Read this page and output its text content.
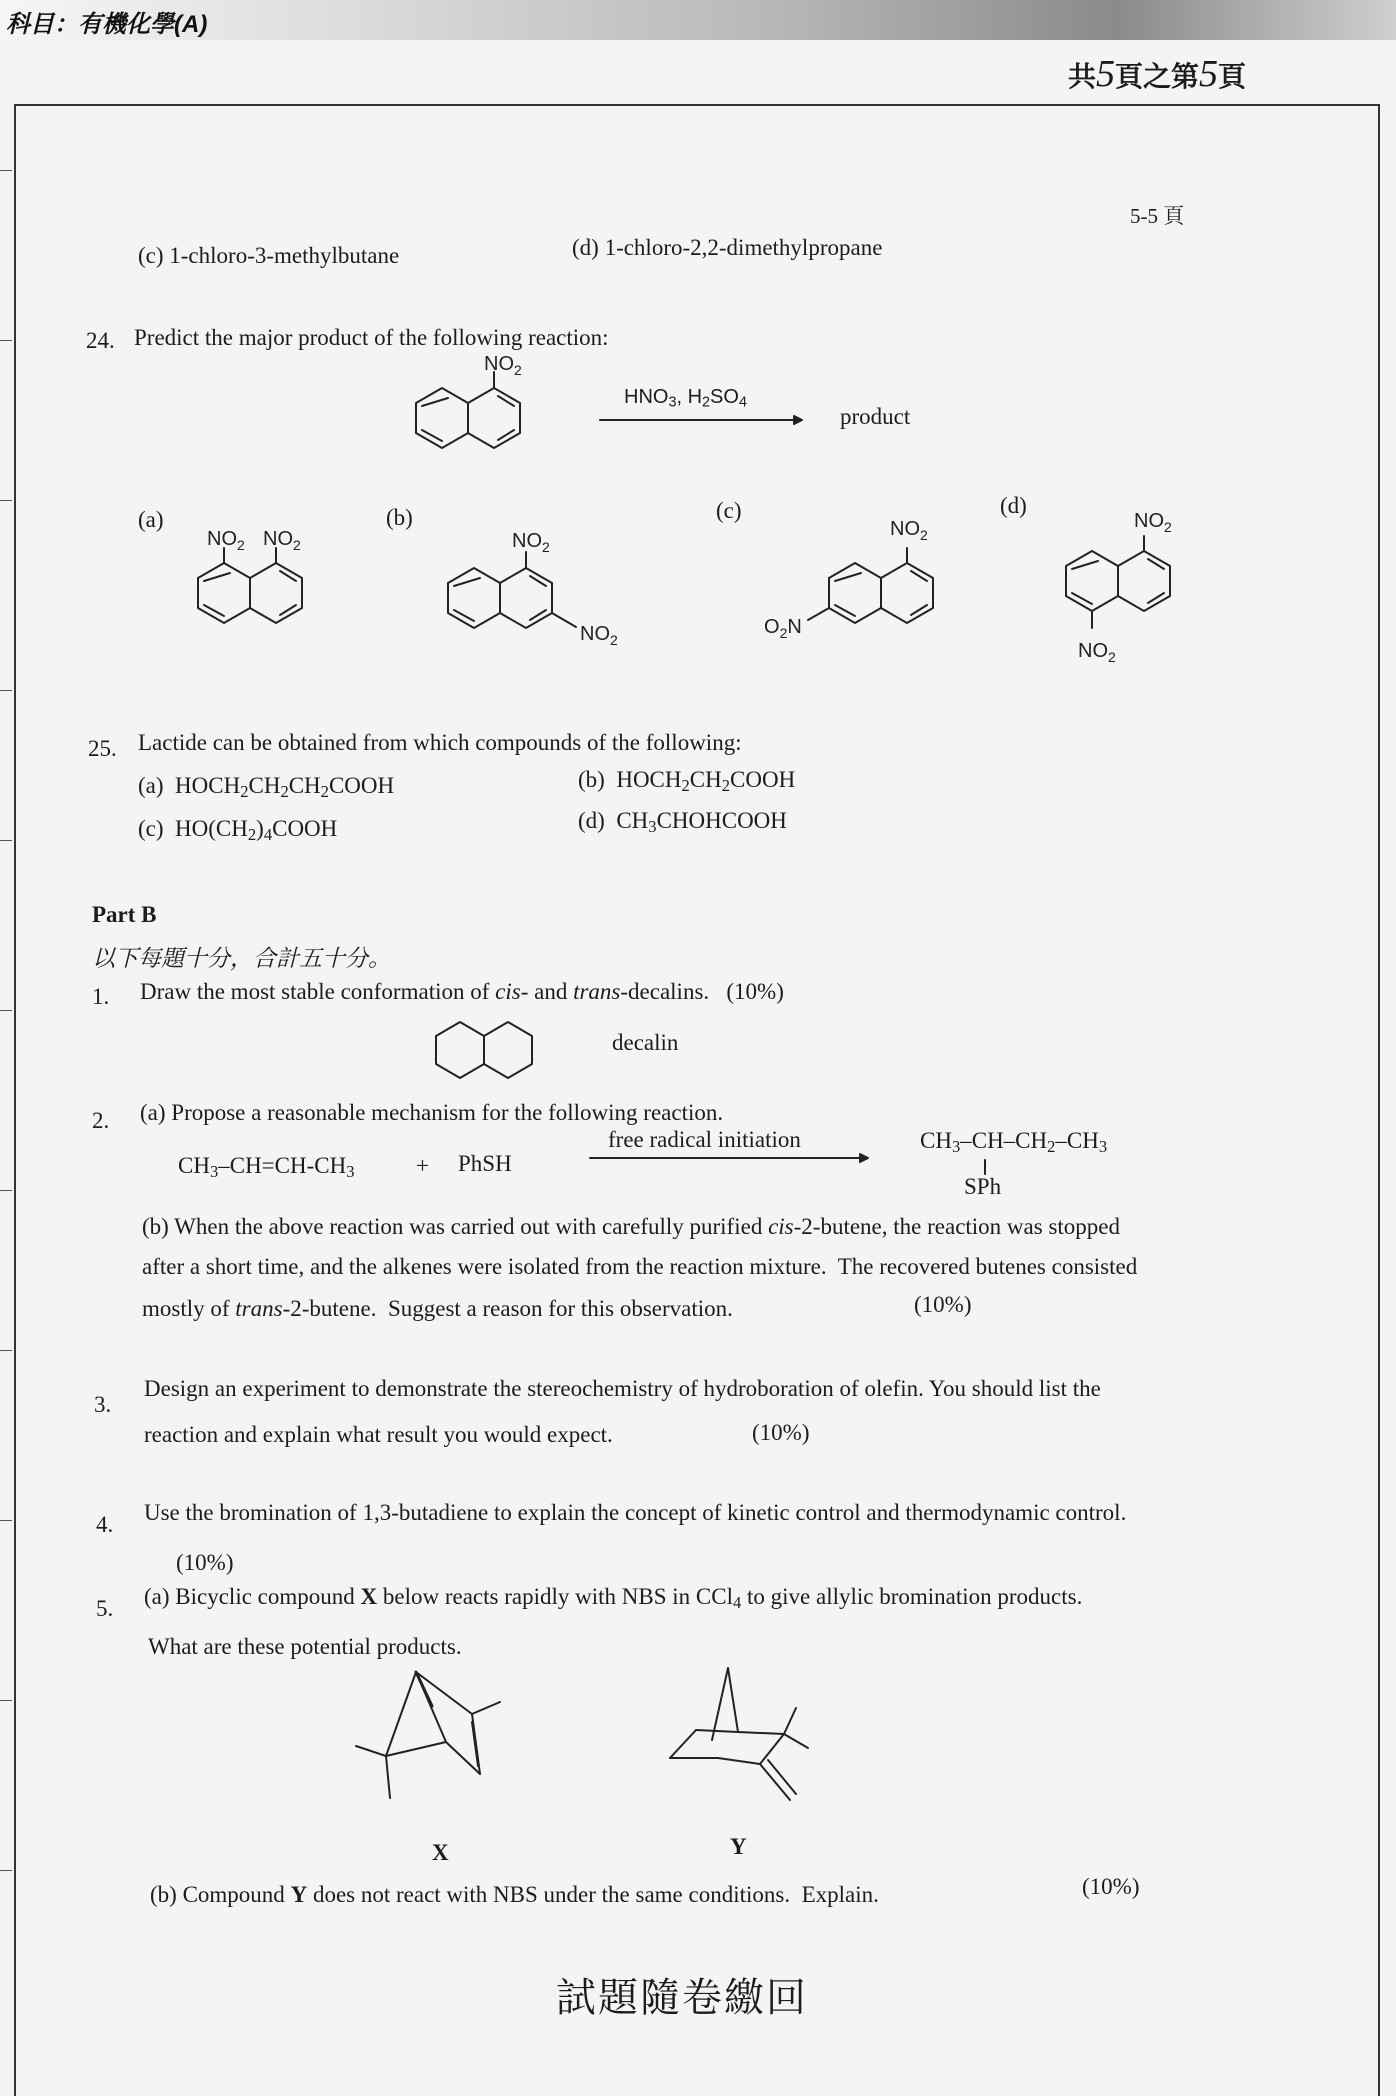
科目：有機化學(A)
共5頁之第5頁
5-5 頁
(c) 1-chloro-3-methylbutane	(d) 1-chloro-2,2-dimethylpropane
24. Predict the major product of the following reaction:
$NO_2$
$HNO_3$, $H_2SO_4$
product
(a)	(b)	(c)	(d)
$NO_2$ $NO_2$	$NO_2$
$NO_2$
$NO_2$
$O_2N$
$NO_2$
$NO_2$
25. Lactide can be obtained from which compounds of the following:
(a)  $HOCH_2CH_2CH_2COOH$	(b)  $HOCH_2CH_2COOH$
(c)  $HO(CH_2)_4COOH$	(d)  $CH_3CHOHCOOH$
Part B
以下每題十分，合計五十分。
1. Draw the most stable conformation of cis- and trans-decalins.   (10%)
decalin
2. (a) Propose a reasonable mechanism for the following reaction.
$CH_3-CH=CH-CH_3$	+ PhSH
free radical initiation	$CH_3-CH-CH_2-CH_3$
SPh
(b) When the above reaction was carried out with carefully purified cis-2-butene, the reaction was stopped
after a short time, and the alkenes were isolated from the reaction mixture.  The recovered butenes consisted
mostly of trans-2-butene.  Suggest a reason for this observation.	(10%)
3.
Design an experiment to demonstrate the stereochemistry of hydroboration of olefin. You should list the
reaction and explain what result you would expect.	(10%)
4. Use the bromination of 1,3-butadiene to explain the concept of kinetic control and thermodynamic control.
(10%)
5. (a) Bicyclic compound X below reacts rapidly with NBS in CCl$_4$ to give allylic bromination products.
What are these potential products.
X	Y
(b) Compound Y does not react with NBS under the same conditions.  Explain.	(10%)
試題隨卷繳回
